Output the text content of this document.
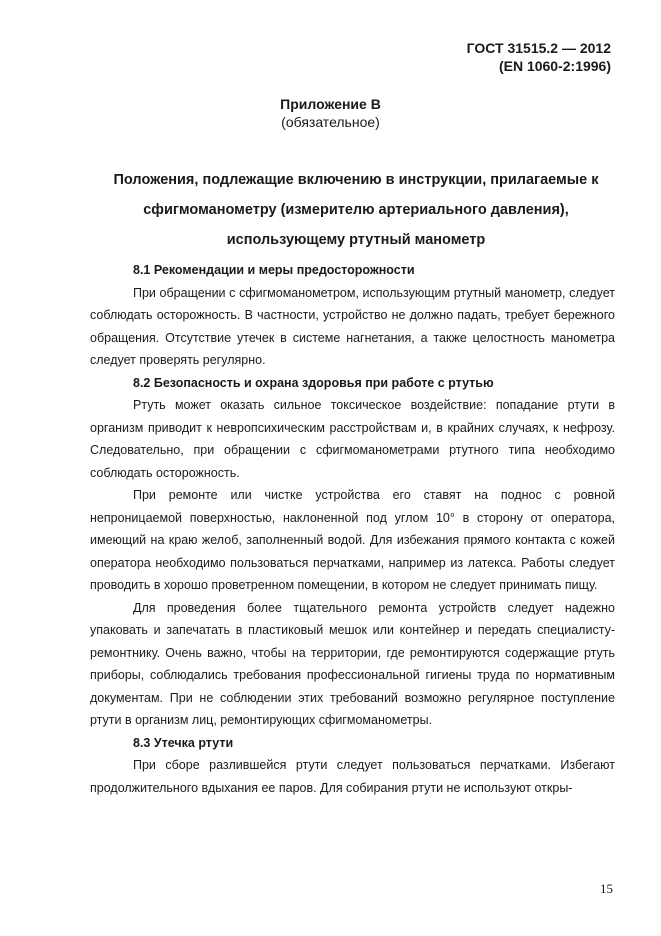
ГОСТ 31515.2 — 2012
(EN 1060-2:1996)
Приложение В
(обязательное)
Положения, подлежащие включению в инструкции, прилагаемые к сфигмоманометру (измерителю артериального давления), использующему ртутный манометр

8.1 Рекомендации и меры предосторожности

При обращении с сфигмоманометром, использующим ртутный манометр, следует соблюдать осторожность. В частности, устройство не должно падать, требует бережного обращения. Отсутствие утечек в системе нагнетания, а также целостность манометра следует проверять регулярно.

8.2 Безопасность и охрана здоровья при работе с ртутью

Ртуть может оказать сильное токсическое воздействие: попадание ртути в организм приводит к невропсихическим расстройствам и, в крайних случаях, к нефрозу. Следовательно, при обращении с сфигмоманометрами ртутного типа необходимо соблюдать осторожность.

При ремонте или чистке устройства его ставят на поднос с ровной непроницаемой поверхностью, наклоненной под углом 10° в сторону от оператора, имеющий на краю желоб, заполненный водой. Для избежания прямого контакта с кожей оператора необходимо пользоваться перчатками, например из латекса. Работы следует проводить в хорошо проветренном помещении, в котором не следует принимать пищу.

Для проведения более тщательного ремонта устройств следует надежно упаковать и запечатать в пластиковый мешок или контейнер и передать специалисту-ремонтнику. Очень важно, чтобы на территории, где ремонтируются содержащие ртуть приборы, соблюдались требования профессиональной гигиены труда по нормативным документам. При не соблюдении этих требований возможно регулярное поступление ртути в организм лиц, ремонтирующих сфигмоманометры.

8.3 Утечка ртути

При сборе разлившейся ртути следует пользоваться перчатками. Избегают продолжительного вдыхания ее паров. Для собирания ртути не используют откры-

15
